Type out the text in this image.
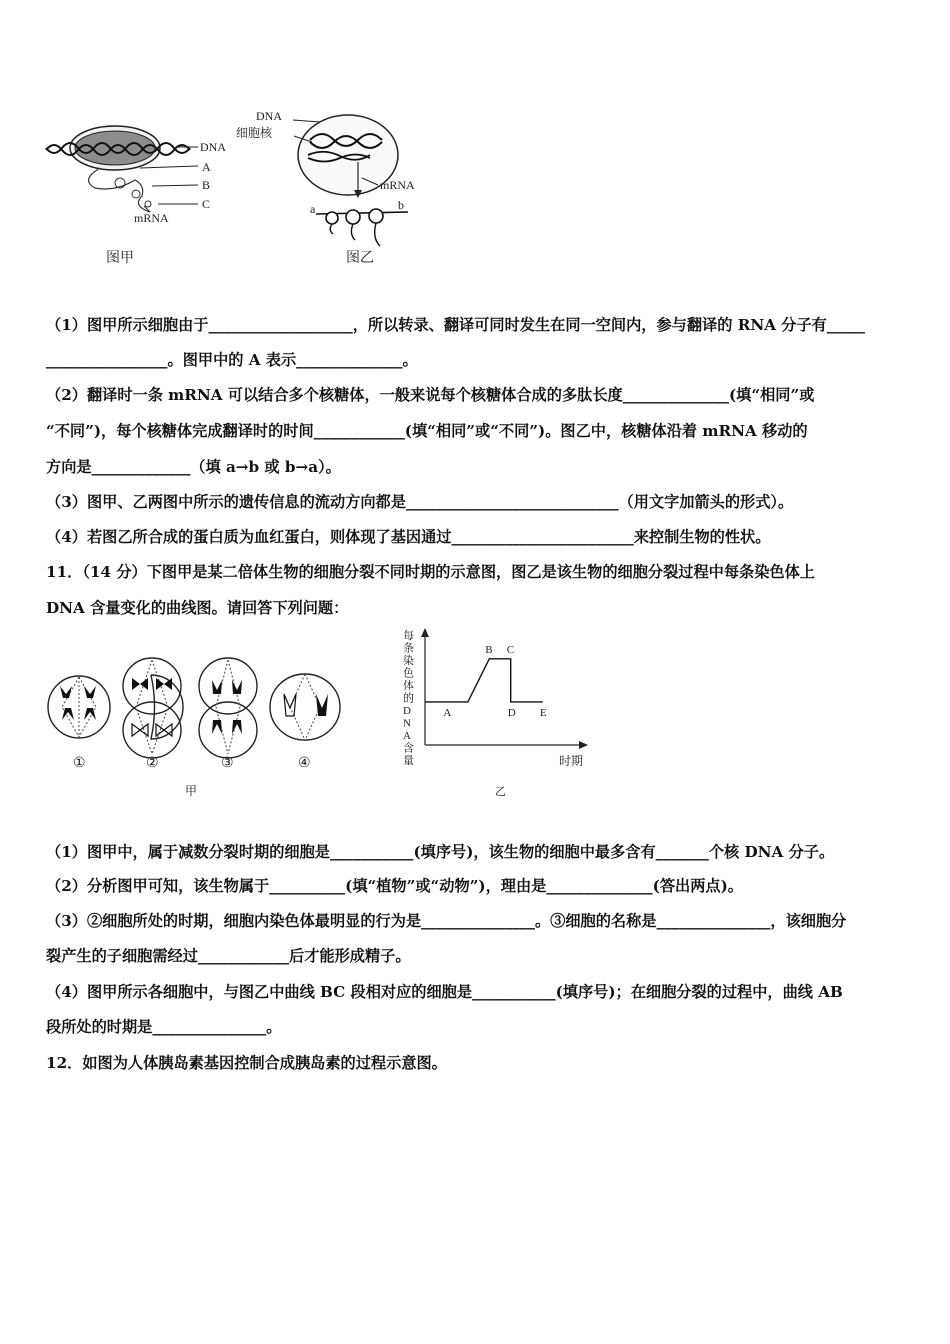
DNA
A
B
C
mRNA
图甲
DNA
细胞核
mRNA
a	b
图乙
（1）图甲所示细胞由于___________________，所以转录、翻译可同时发生在同一空间内，参与翻译的 RNA 分子有_____
________________。图甲中的 A 表示______________。
（2）翻译时一条 mRNA 可以结合多个核糖体，一般来说每个核糖体合成的多肽长度______________(填“相同”或
“不同”)，每个核糖体完成翻译时的时间____________(填“相同”或“不同”)。图乙中，核糖体沿着 mRNA 移动的
方向是_____________（填 a→b 或 b→a）。
（3）图甲、乙两图中所示的遗传信息的流动方向都是____________________________（用文字加箭头的形式）。
（4）若图乙所合成的蛋白质为血红蛋白，则体现了基因通过________________________来控制生物的性状。
11．（14 分）下图甲是某二倍体生物的细胞分裂不同时期的示意图，图乙是该生物的细胞分裂过程中每条染色体上
DNA 含量变化的曲线图。请回答下列问题：
①	②	③	④
甲
每条染色体的 D N A 含量	时期
A
B C
D E
乙
（1）图甲中，属于减数分裂时期的细胞是___________(填序号)，该生物的细胞中最多含有_______个核 DNA 分子。
（2）分析图甲可知，该生物属于__________(填“植物”或“动物”)，理由是______________(答出两点)。
（3）②细胞所处的时期，细胞内染色体最明显的行为是_______________。③细胞的名称是_______________，该细胞分
裂产生的子细胞需经过____________后才能形成精子。
（4）图甲所示各细胞中，与图乙中曲线 BC 段相对应的细胞是___________(填序号)；在细胞分裂的过程中，曲线 AB
段所处的时期是_______________。
12．如图为人体胰岛素基因控制合成胰岛素的过程示意图。
